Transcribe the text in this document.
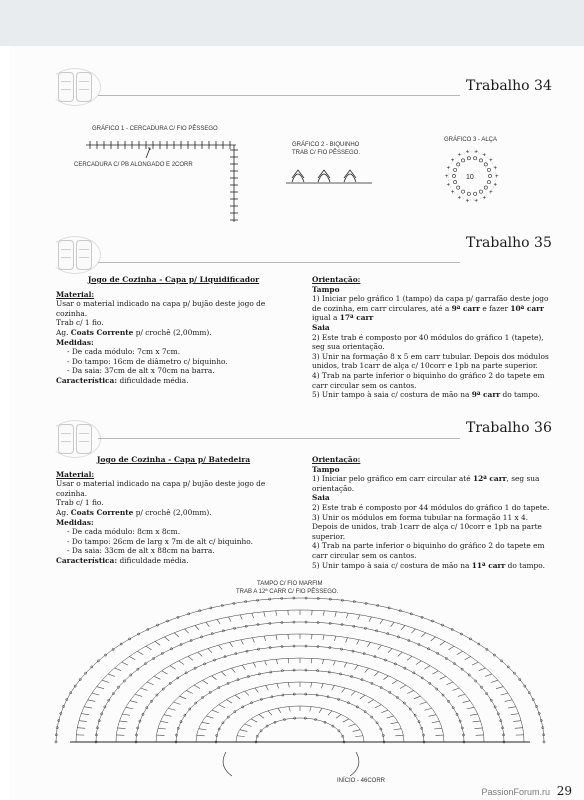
Trabalho 34
GRÁFICO 1 - CERCADURA C/ FIO PÊSSEGO
CERCADURA C/ PB ALONGADO E 2CORR
GRÁFICO 2 - BIQUINHO
TRAB C/ FIO PÊSSEGO.
GRÁFICO 3 - ALÇA
+
+
+
+
+
+
+
+
+
+
+
+
+ + + +
+
+
10
Trabalho 35

Jogo de Cozinha - Capa p/ Liquidificador

Material:

Usar o material indicado na capa p/ bujão deste jogo de cozinha.

Trab c/ 1 fio.

Ag. Coats Corrente p/ crochê (2,00mm).

Medidas:

- De cada módulo: 7cm x 7cm.

- Do tampo: 16cm de diâmetro c/ biquinho.

- Da saia: 37cm de alt x 70cm na barra.

Característica: dificuldade média.

Orientação:

Tampo

1) Iniciar pelo gráfico 1 (tampo) da capa p/ garrafão deste jogo de cozinha, em carr circulares, até a 9ª carr e fazer 10ª carr igual a 17ª carr

Saia

2) Este trab é composto por 40 módulos do gráfico 1 (tapete), seg sua orientação.

3) Unir na formação 8 x 5 em carr tubular. Depois dos módulos unidos, trab 1carr de alça c/ 10corr e 1pb na parte superior.

4) Trab na parte inferior o biquinho do gráfico 2 do tapete em carr circular sem os cantos.

5) Unir tampo à saia c/ costura de mão na 9ª carr do tampo.

Trabalho 36

Jogo de Cozinha - Capa p/ Batedeira

Material:

Usar o material indicado na capa p/ bujão deste jogo de cozinha.

Trab c/ 1 fio.

Ag. Coats Corrente p/ crochê (2,00mm).

Medidas:

- De cada módulo: 8cm x 8cm.

- Do tampo: 26cm de larg x 7m de alt c/ biquinho.

- Da saia: 33cm de alt x 88cm na barra.

Característica: dificuldade média.

Orientação:

Tampo

1) Iniciar pelo gráfico em carr circular até 12ª carr, seg sua orientação.

Saia

2) Este trab é composto por 44 módulos do gráfico 1 do tapete.

3) Unir os módulos em forma tubular na formação 11 x 4. Depois de unidos, trab 1carr de alça c/ 10corr e 1pb na parte superior.

4) Trab na parte inferior o biquinho do gráfico 2 do tapete em carr circular sem os cantos.

5) Unir tampo à saia c/ costura de mão na 11ª carr do tampo.

TAMPO C/ FIO MARFIM
TRAB A 12ª CARR C/ FIO PÊSSEGO.
INÍCIO - 46CORR
PassionForum.ru 29
